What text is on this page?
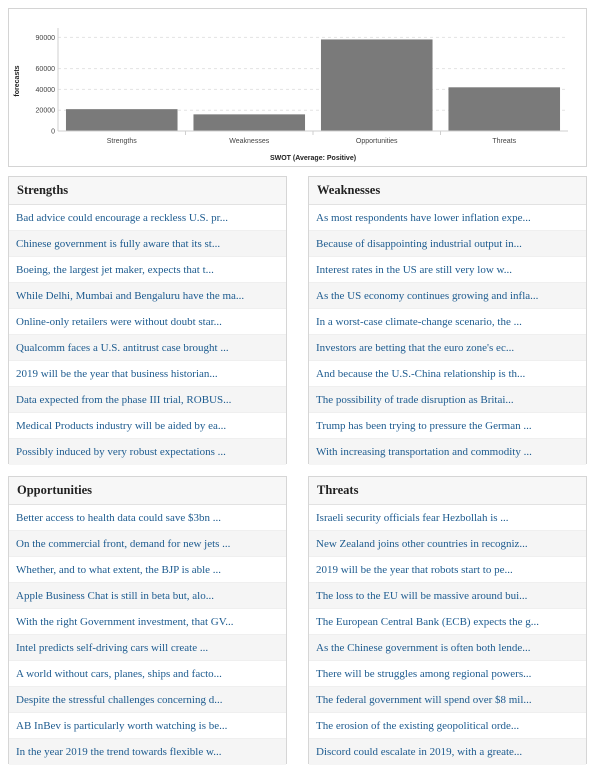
0
20000
40000
60000
90000
Strengths	Weaknesses	Opportunities	Threats
forecasts
SWOT (Average: Positive)
Strengths
Bad advice could encourage a reckless U.S. pr...
Chinese government is fully aware that its st...
Boeing, the largest jet maker, expects that t...
While Delhi, Mumbai and Bengaluru have the ma...
Online-only retailers were without doubt star...
Qualcomm faces a U.S. antitrust case brought ...
2019 will be the year that business historian...
Data expected from the phase III trial, ROBUS...
Medical Products industry will be aided by ea...
Possibly induced by very robust expectations ...
Weaknesses
As most respondents have lower inflation expe...
Because of disappointing industrial output in...
Interest rates in the US are still very low w...
As the US economy continues growing and infla...
In a worst-case climate-change scenario, the ...
Investors are betting that the euro zone's ec...
And because the U.S.-China relationship is th...
The possibility of trade disruption as Britai...
Trump has been trying to pressure the German ...
With increasing transportation and commodity ...
Opportunities
Better access to health data could save $3bn ...
On the commercial front, demand for new jets ...
Whether, and to what extent, the BJP is able ...
Apple Business Chat is still in beta but, alo...
With the right Government investment, that GV...
Intel predicts self-driving cars will create ...
A world without cars, planes, ships and facto...
Despite the stressful challenges concerning d...
AB InBev is particularly worth watching is be...
In the year 2019 the trend towards flexible w...
Threats
Israeli security officials fear Hezbollah is ...
New Zealand joins other countries in recogniz...
2019 will be the year that robots start to pe...
The loss to the EU will be massive around bui...
The European Central Bank (ECB) expects the g...
As the Chinese government is often both lende...
There will be struggles among regional powers...
The federal government will spend over $8 mil...
The erosion of the existing geopolitical orde...
Discord could escalate in 2019, with a greate...
